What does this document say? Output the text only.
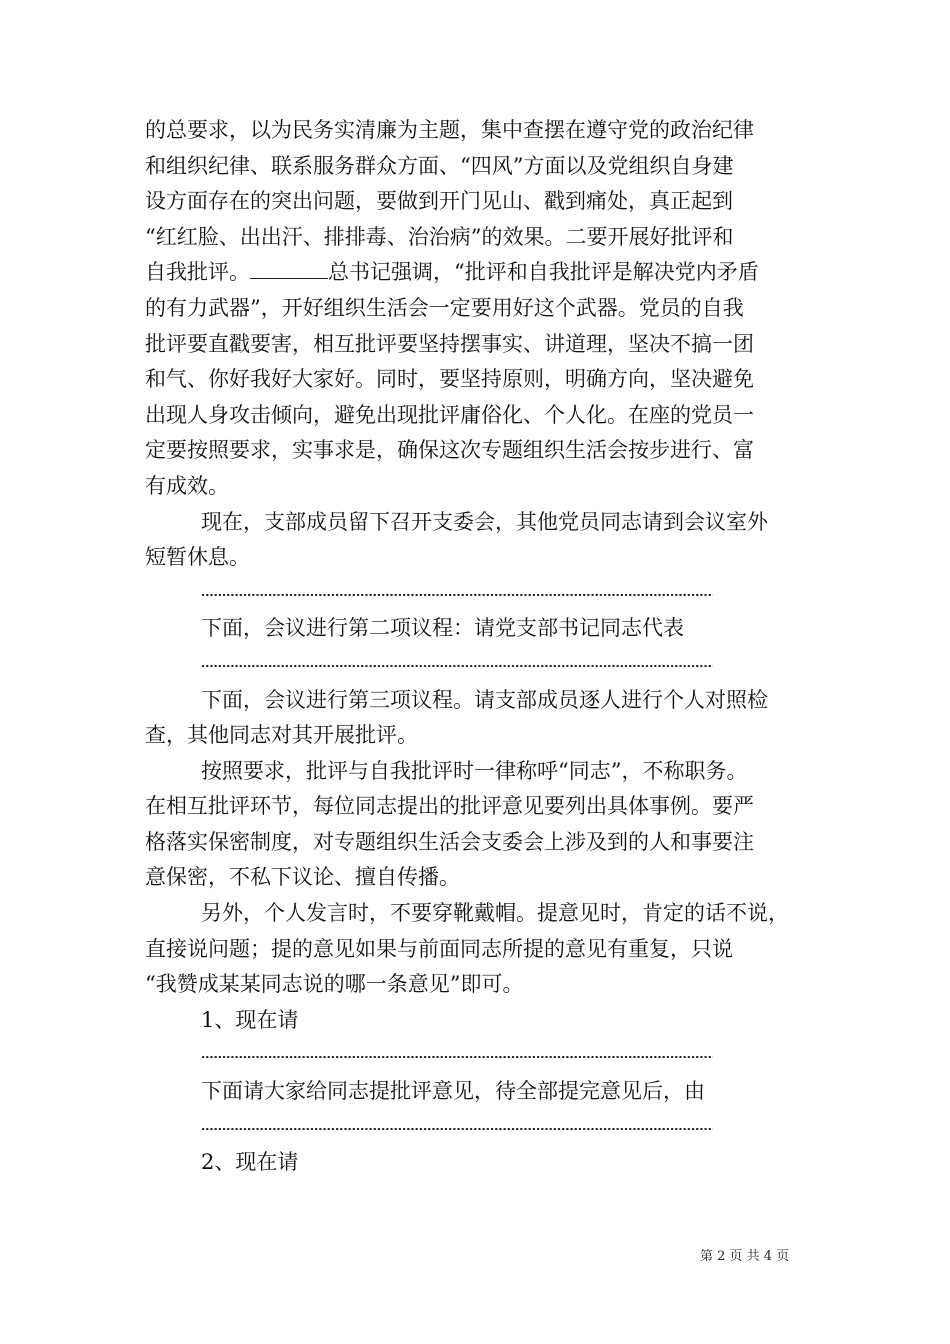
的总要求，以为民务实清廉为主题，集中查摆在遵守党的政治纪律
和组织纪律、联系服务群众方面、“四风”方面以及党组织自身建
设方面存在的突出问题，要做到开门见山、戳到痛处，真正起到
“红红脸、出出汗、排排毒、治治病”的效果。二要开展好批评和
自我批评。	总书记强调，“批评和自我批评是解决党内矛盾
的有力武器”，开好组织生活会一定要用好这个武器。党员的自我
批评要直戳要害，相互批评要坚持摆事实、讲道理，坚决不搞一团
和气、你好我好大家好。同时，要坚持原则，明确方向，坚决避免
出现人身攻击倾向，避免出现批评庸俗化、个人化。在座的党员一
定要按照要求，实事求是，确保这次专题组织生活会按步进行、富
有成效。
现在，支部成员留下召开支委会，其他党员同志请到会议室外
短暂休息。
下面，会议进行第二项议程：请党支部书记同志代表
下面，会议进行第三项议程。请支部成员逐人进行个人对照检
查，其他同志对其开展批评。
按照要求，批评与自我批评时一律称呼“同志”，不称职务。
在相互批评环节，每位同志提出的批评意见要列出具体事例。要严
格落实保密制度，对专题组织生活会支委会上涉及到的人和事要注
意保密，不私下议论、擅自传播。
另外，个人发言时，不要穿靴戴帽。提意见时，肯定的话不说，
直接说问题；提的意见如果与前面同志所提的意见有重复，只说
“我赞成某某同志说的哪一条意见”即可。
1、现在请
下面请大家给同志提批评意见，待全部提完意见后，由
2、现在请
第 2 页 共 4 页
